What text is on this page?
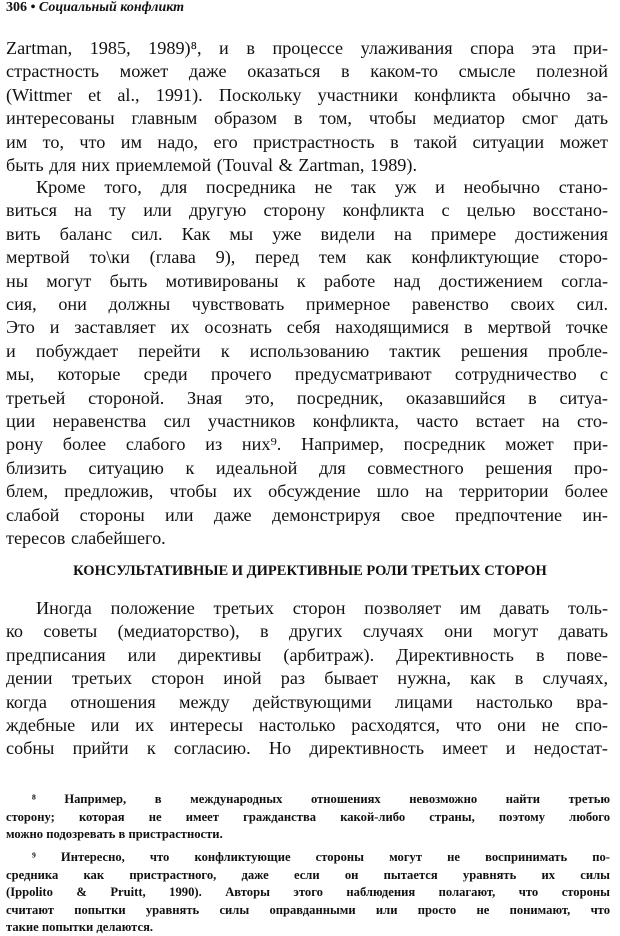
306 • Социальный конфликт
Zartman, 1985, 1989)⁸, и в процессе улаживания спора эта при-
страстность может даже оказаться в каком-то смысле полезной
(Wittmer et al., 1991). Поскольку участники конфликта обычно за-
интересованы главным образом в том, чтобы медиатор смог дать
им то, что им надо, его пристрастность в такой ситуации может
быть для них приемлемой (Touval & Zartman, 1989).
Кроме того, для посредника не так уж и необычно стано-
виться на ту или другую сторону конфликта с целью восстано-
вить баланс сил. Как мы уже видели на примере достижения
мертвой то\ки (глава 9), перед тем как конфликтующие сторо-
ны могут быть мотивированы к работе над достижением согла-
сия, они должны чувствовать примерное равенство своих сил.
Это и заставляет их осознать себя находящимися в мертвой точке
и побуждает перейти к использованию тактик решения пробле-
мы, которые среди прочего предусматривают сотрудничество с
третьей стороной. Зная это, посредник, оказавшийся в ситуа-
ции неравенства сил участников конфликта, часто встает на сто-
рону более слабого из них⁹. Например, посредник может при-
близить ситуацию к идеальной для совместного решения про-
блем, предложив, чтобы их обсуждение шло на территории более
слабой стороны или даже демонстрируя свое предпочтение ин-
тересов слабейшего.
КОНСУЛЬТАТИВНЫЕ И ДИРЕКТИВНЫЕ РОЛИ ТРЕТЬИХ СТОРОН
Иногда положение третьих сторон позволяет им давать толь-
ко советы (медиаторство), в других случаях они могут давать
предписания или директивы (арбитраж). Директивность в пове-
дении третьих сторон иной раз бывает нужна, как в случаях,
когда отношения между действующими лицами настолько вра-
ждебные или их интересы настолько расходятся, что они не спо-
собны прийти к согласию. Но директивность имеет и недостат-
⁸ Например, в международных отношениях невозможно найти третью
сторону; которая не имеет гражданства какой-либо страны, поэтому любого
можно подозревать в пристрастности.
⁹ Интересно, что конфликтующие стороны могут не воспринимать по-
средника как пристрастного, даже если он пытается уравнять их силы
(Ippolito & Pruitt, 1990). Авторы этого наблюдения полагают, что стороны
считают попытки уравнять силы оправданными или просто не понимают, что
такие попытки делаются.
